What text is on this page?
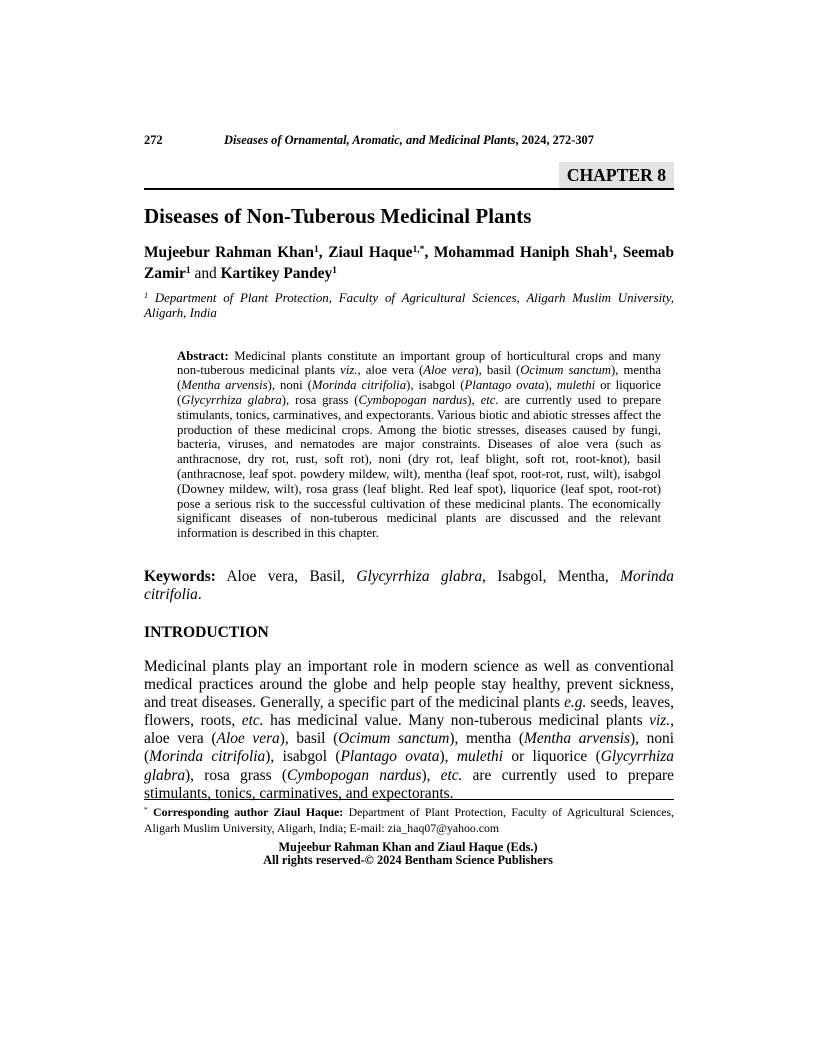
272	Diseases of Ornamental, Aromatic, and Medicinal Plants, 2024, 272-307
CHAPTER 8
Diseases of Non-Tuberous Medicinal Plants

Mujeebur Rahman Khan$^1$, Ziaul Haque$^{1,*}$, Mohammad Haniph Shah$^1$, Seemab Zamir$^1$ and Kartikey Pandey$^1$

$^1$ Department of Plant Protection, Faculty of Agricultural Sciences, Aligarh Muslim University, Aligarh, India

Abstract: Medicinal plants constitute an important group of horticultural crops and many non-tuberous medicinal plants viz., aloe vera (Aloe vera), basil (Ocimum sanctum), mentha (Mentha arvensis), noni (Morinda citrifolia), isabgol (Plantago ovata), mulethi or liquorice (Glycyrrhiza glabra), rosa grass (Cymbopogan nardus), etc. are currently used to prepare stimulants, tonics, carminatives, and expectorants. Various biotic and abiotic stresses affect the production of these medicinal crops. Among the biotic stresses, diseases caused by fungi, bacteria, viruses, and nematodes are major constraints. Diseases of aloe vera (such as anthracnose, dry rot, rust, soft rot), noni (dry rot, leaf blight, soft rot, root-knot), basil (anthracnose, leaf spot. powdery mildew, wilt), mentha (leaf spot, root-rot, rust, wilt), isabgol (Downey mildew, wilt), rosa grass (leaf blight. Red leaf spot), liquorice (leaf spot, root-rot) pose a serious risk to the successful cultivation of these medicinal plants. The economically significant diseases of non-tuberous medicinal plants are discussed and the relevant information is described in this chapter.

Keywords: Aloe vera, Basil, Glycyrrhiza glabra, Isabgol, Mentha, Morinda citrifolia.

INTRODUCTION

Medicinal plants play an important role in modern science as well as conventional medical practices around the globe and help people stay healthy, prevent sickness, and treat diseases. Generally, a specific part of the medicinal plants e.g. seeds, leaves, flowers, roots, etc. has medicinal value. Many non-tuberous medicinal plants viz., aloe vera (Aloe vera), basil (Ocimum sanctum), mentha (Mentha arvensis), noni (Morinda citrifolia), isabgol (Plantago ovata), mulethi or liquorice (Glycyrrhiza glabra), rosa grass (Cymbopogan nardus), etc. are currently used to prepare stimulants, tonics, carminatives, and expectorants.

* Corresponding author Ziaul Haque: Department of Plant Protection, Faculty of Agricultural Sciences, Aligarh Muslim University, Aligarh, India; E-mail: zia_haq07@yahoo.com
Mujeebur Rahman Khan and Ziaul Haque (Eds.)
All rights reserved-© 2024 Bentham Science Publishers
